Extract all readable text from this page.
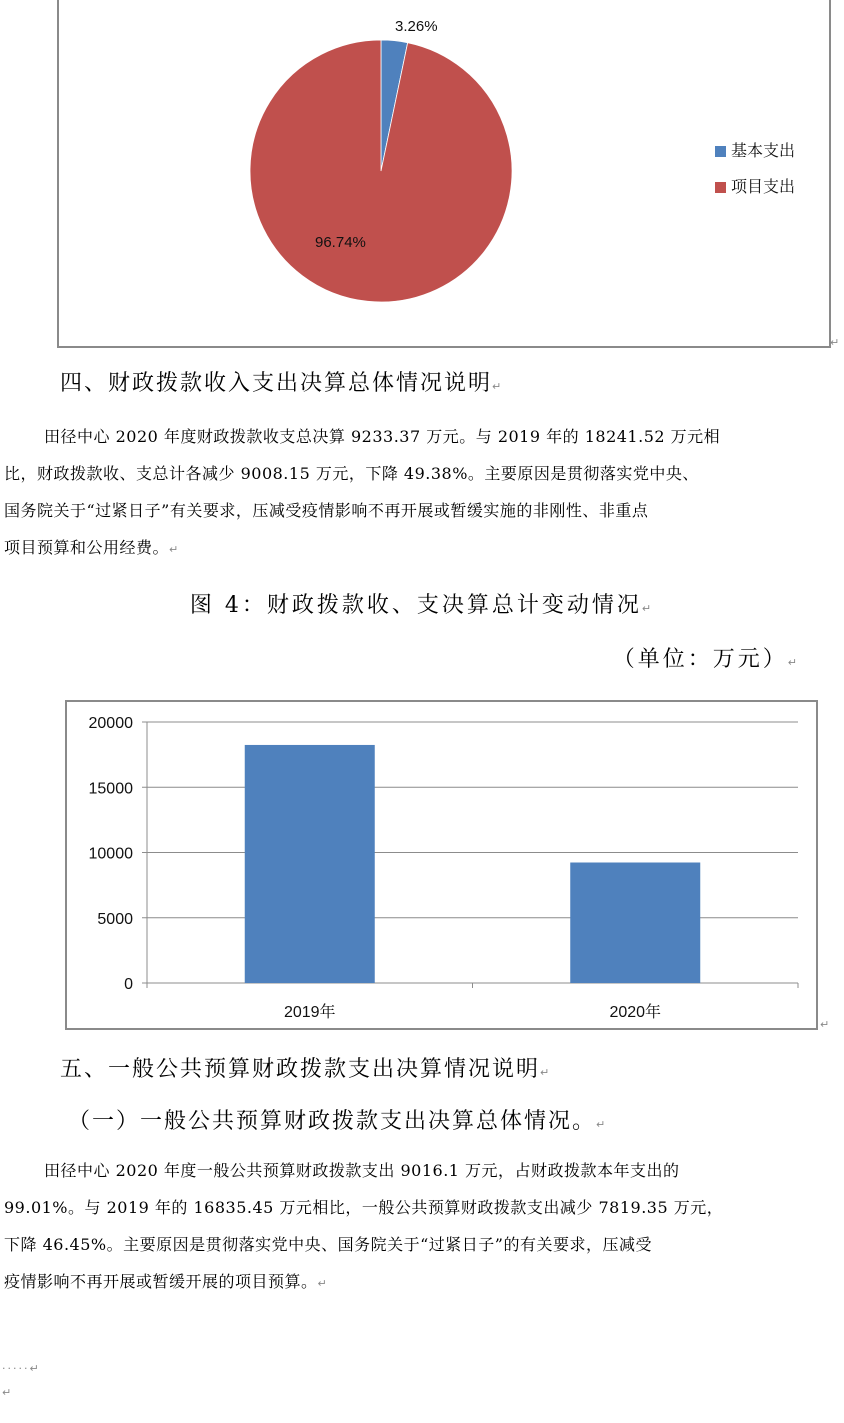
3.26%
96.74%
基本支出
项目支出
↵
四、财政拨款收入支出决算总体情况说明↵
田径中心 2020 年度财政拨款收支总决算 9233.37 万元。与 2019 年的 18241.52 万元相
比，财政拨款收、支总计各减少 9008.15 万元，下降 49.38%。主要原因是贯彻落实党中央、
国务院关于“过紧日子”有关要求，压减受疫情影响不再开展或暂缓实施的非刚性、非重点
项目预算和公用经费。↵
图 4：财政拨款收、支决算总计变动情况↵
（单位：万元）↵
0
5000
10000
15000
20000
2019年	2020年
↵
五、一般公共预算财政拨款支出决算情况说明↵
（一）一般公共预算财政拨款支出决算总体情况。↵
田径中心 2020 年度一般公共预算财政拨款支出 9016.1 万元，占财政拨款本年支出的
99.01%。与 2019 年的 16835.45 万元相比，一般公共预算财政拨款支出减少 7819.35 万元，
下降 46.45%。主要原因是贯彻落实党中央、国务院关于“过紧日子”的有关要求，压减受
疫情影响不再开展或暂缓开展的项目预算。↵
·····↵
↵
